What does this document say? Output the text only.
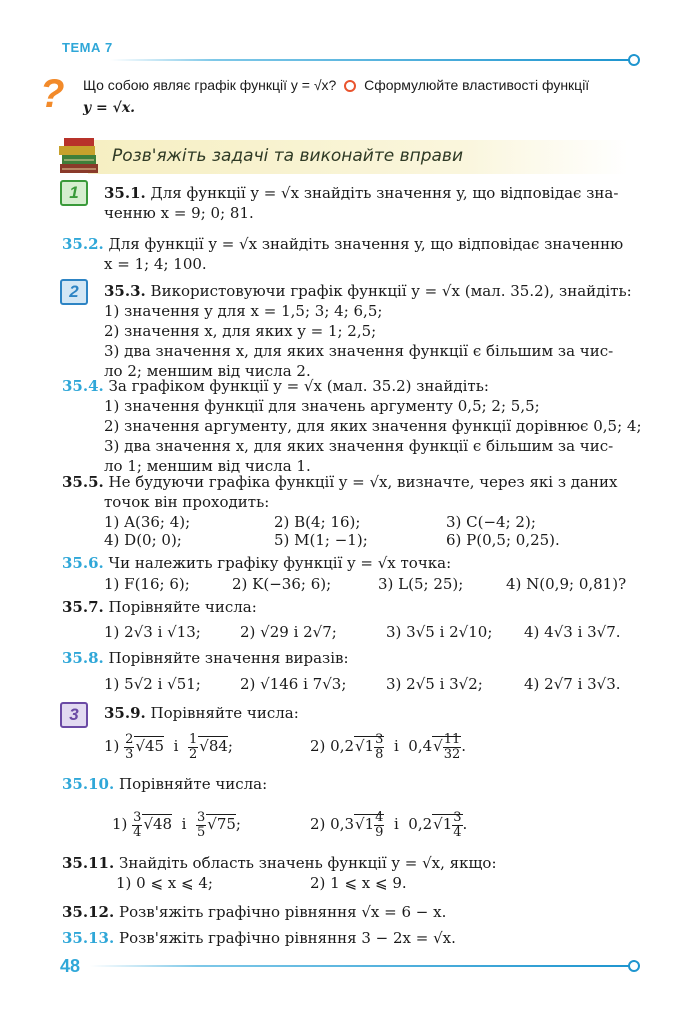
ТЕМА 7
? Що собою являє графік функції y = √x? Сформулюйте властивості функції
y = √x.
Розв'яжіть задачі та виконайте вправи
1
2
3
35.1. Для функції y = √x знайдіть значення y, що відповідає зна-
ченню x = 9; 0; 81.
35.2. Для функції y = √x знайдіть значення y, що відповідає значенню
x = 1; 4; 100.
35.3. Використовуючи графік функції y = √x (мал. 35.2), знайдіть:
1) значення y для x = 1,5; 3; 4; 6,5;
2) значення x, для яких y = 1; 2,5;
3) два значення x, для яких значення функції є більшим за чис-
ло 2; меншим від числа 2.
35.4. За графіком функції y = √x (мал. 35.2) знайдіть:
1) значення функції для значень аргументу 0,5; 2; 5,5;
2) значення аргументу, для яких значення функції дорівнює 0,5; 4;
3) два значення x, для яких значення функції є більшим за чис-
ло 1; меншим від числа 1.
35.5. Не будуючи графіка функції y = √x, визначте, через які з даних
точок він проходить:
1) A(36; 4);	2) B(4; 16);	3) C(−4; 2);
4) D(0; 0);	5) M(1; −1);	6) P(0,5; 0,25).
35.6. Чи належить графіку функції y = √x точка:
1) F(16; 6);	2) K(−36; 6);	3) L(5; 25);	4) N(0,9; 0,81)?
35.7. Порівняйте числа:
1) 2√3 і √13;	2) √29 і 2√7;	3) 3√5 і 2√10; 4) 4√3 і 3√7.
35.8. Порівняйте значення виразів:
1) 5√2 і √51;	2) √146 і 7√3;	3) 2√5 і 3√2;	4) 2√7 і 3√3.
35.9. Порівняйте числа:
$1) \frac{2}{3} √45$  і $\frac{1}{2} √84$;	2) $0,2√1 \frac{3}{8}$ і  $0,4√ \frac{11}{32}$ .
35.10. Порівняйте числа:
$1) \frac{3}{4} √48$  і $\frac{3}{5} √75$;	2) $0,3√1 \frac{4}{9}$ і  $0,2√1 \frac{3}{4}$ .
35.11. Знайдіть область значень функції y = √x, якщо:
1) 0 ⩽ x ⩽ 4;	2) 1 ⩽ x ⩽ 9.
35.12. Розв'яжіть графічно рівняння √x = 6 − x.
35.13. Розв'яжіть графічно рівняння 3 − 2x = √x.
48
